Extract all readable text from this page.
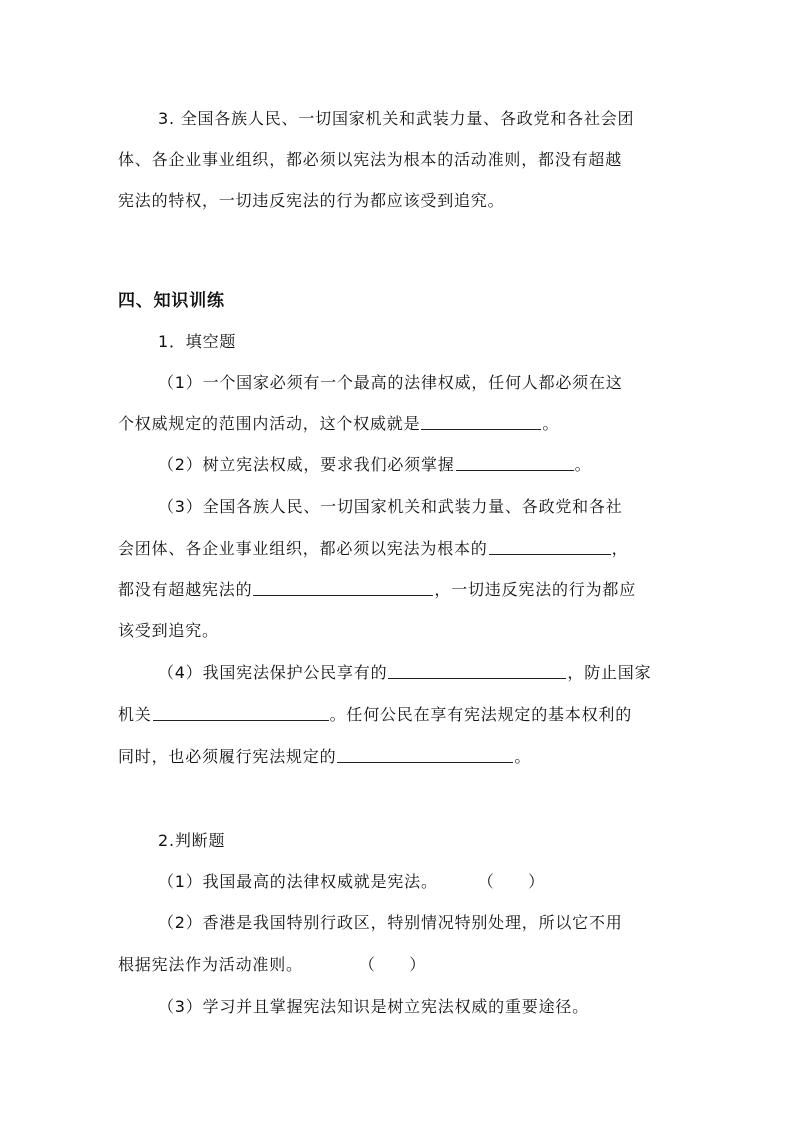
3. 全国各族人民、一切国家机关和武装力量、各政党和各社会团
体、各企业事业组织，都必须以宪法为根本的活动准则，都没有超越
宪法的特权，一切违反宪法的行为都应该受到追究。
四、知识训练
1．填空题
（1）一个国家必须有一个最高的法律权威，任何人都必须在这
个权威规定的范围内活动，这个权威就是	。
（2）树立宪法权威，要求我们必须掌握	。
（3）全国各族人民、一切国家机关和武装力量、各政党和各社
会团体、各企业事业组织，都必须以宪法为根本的	，
都没有超越宪法的	，一切违反宪法的行为都应
该受到追究。
（4）我国宪法保护公民享有的	，防止国家
机关	。任何公民在享有宪法规定的基本权利的
同时，也必须履行宪法规定的	。
2.判断题
（1）我国最高的法律权威就是宪法。	（　　）
（2）香港是我国特别行政区，特别情况特别处理，所以它不用
根据宪法作为活动准则。	（　　）
（3）学习并且掌握宪法知识是树立宪法权威的重要途径。
